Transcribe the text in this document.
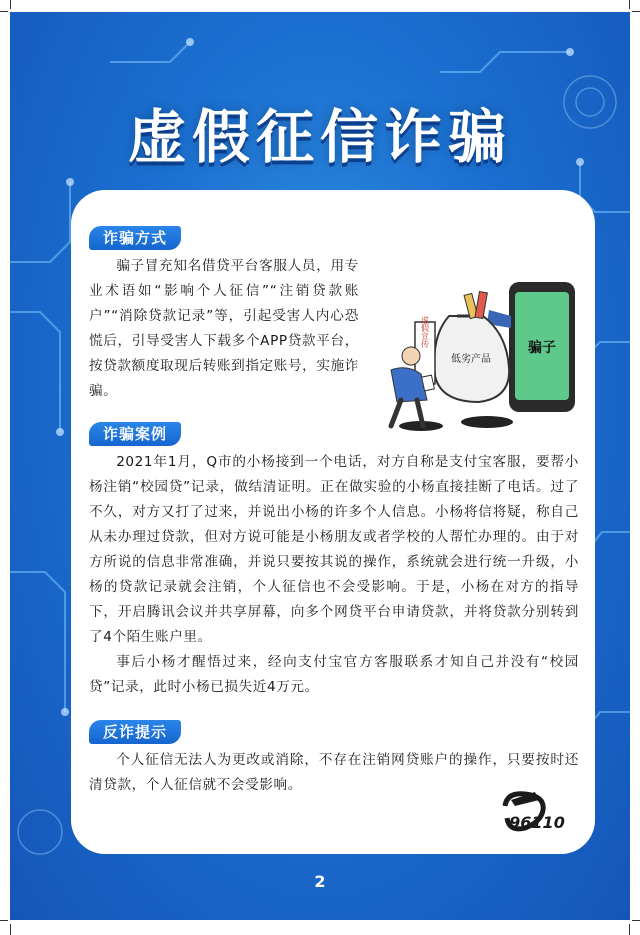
虚假征信诈骗
诈骗方式
骗子冒充知名借贷平台客服人员，用专业术语如“影响个人征信”“注销贷款账户”“消除贷款记录”等，引起受害人内心恐慌后，引导受害人下载多个APP贷款平台，按贷款额度取现后转账到指定账号，实施诈骗。
骗子
低劣产品
虚假宣传
诈骗案例
2021年1月，Q市的小杨接到一个电话，对方自称是支付宝客服，要帮小杨注销“校园贷”记录，做结清证明。正在做实验的小杨直接挂断了电话。过了不久，对方又打了过来，并说出小杨的许多个人信息。小杨将信将疑，称自己从未办理过贷款，但对方说可能是小杨朋友或者学校的人帮忙办理的。由于对方所说的信息非常准确，并说只要按其说的操作，系统就会进行统一升级，小杨的贷款记录就会注销，个人征信也不会受影响。于是，小杨在对方的指导下，开启腾讯会议并共享屏幕，向多个网贷平台申请贷款，并将贷款分别转到了4个陌生账户里。
事后小杨才醒悟过来，经向支付宝官方客服联系才知自己并没有“校园贷”记录，此时小杨已损失近4万元。
反诈提示
个人征信无法人为更改或消除，不存在注销网贷账户的操作，只要按时还清贷款，个人征信就不会受影响。
96110
2
